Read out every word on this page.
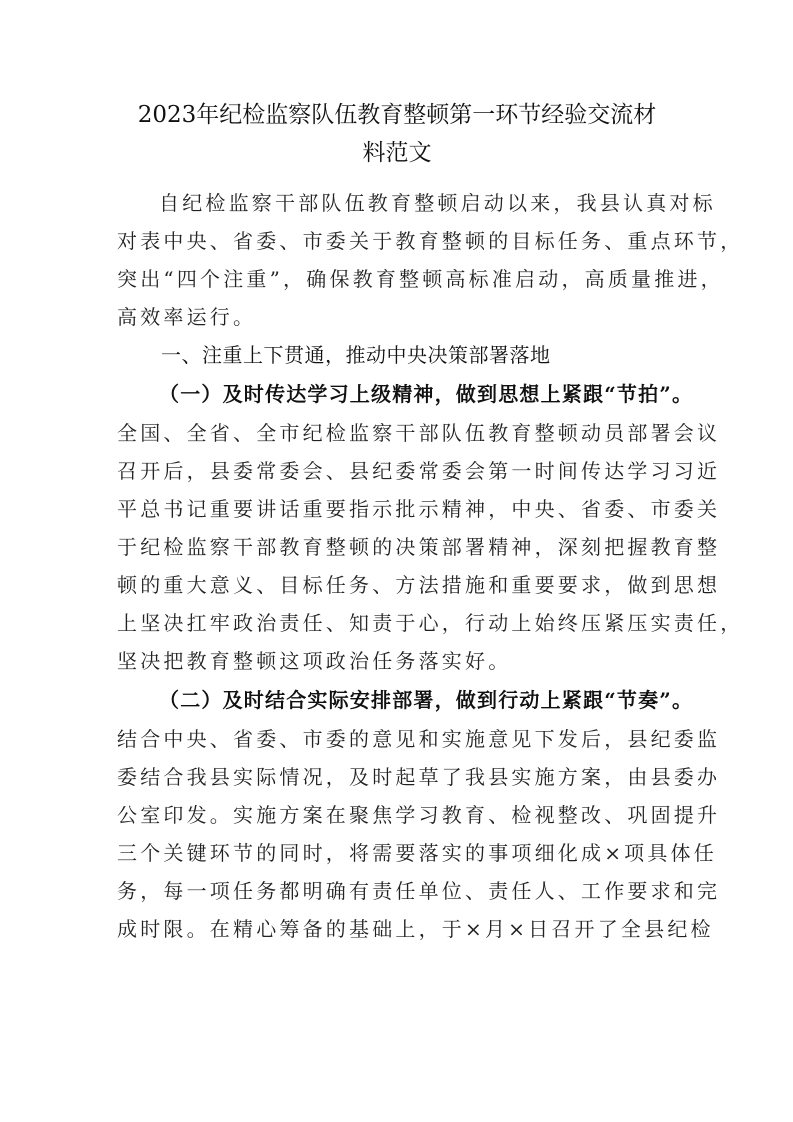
2023年纪检监察队伍教育整顿第一环节经验交流材
料范文
自纪检监察干部队伍教育整顿启动以来，我县认真对标
对表中央、省委、市委关于教育整顿的目标任务、重点环节，
突出“四个注重”，确保教育整顿高标准启动，高质量推进，
高效率运行。
一、注重上下贯通，推动中央决策部署落地
（一）及时传达学习上级精神，做到思想上紧跟“节拍”。
全国、全省、全市纪检监察干部队伍教育整顿动员部署会议
召开后，县委常委会、县纪委常委会第一时间传达学习习近
平总书记重要讲话重要指示批示精神，中央、省委、市委关
于纪检监察干部教育整顿的决策部署精神，深刻把握教育整
顿的重大意义、目标任务、方法措施和重要要求，做到思想
上坚决扛牢政治责任、知责于心，行动上始终压紧压实责任，
坚决把教育整顿这项政治任务落实好。
（二）及时结合实际安排部署，做到行动上紧跟“节奏”。
结合中央、省委、市委的意见和实施意见下发后，县纪委监
委结合我县实际情况，及时起草了我县实施方案，由县委办
公室印发。实施方案在聚焦学习教育、检视整改、巩固提升
三个关键环节的同时，将需要落实的事项细化成×项具体任
务，每一项任务都明确有责任单位、责任人、工作要求和完
成时限。在精心筹备的基础上，于×月×日召开了全县纪检
